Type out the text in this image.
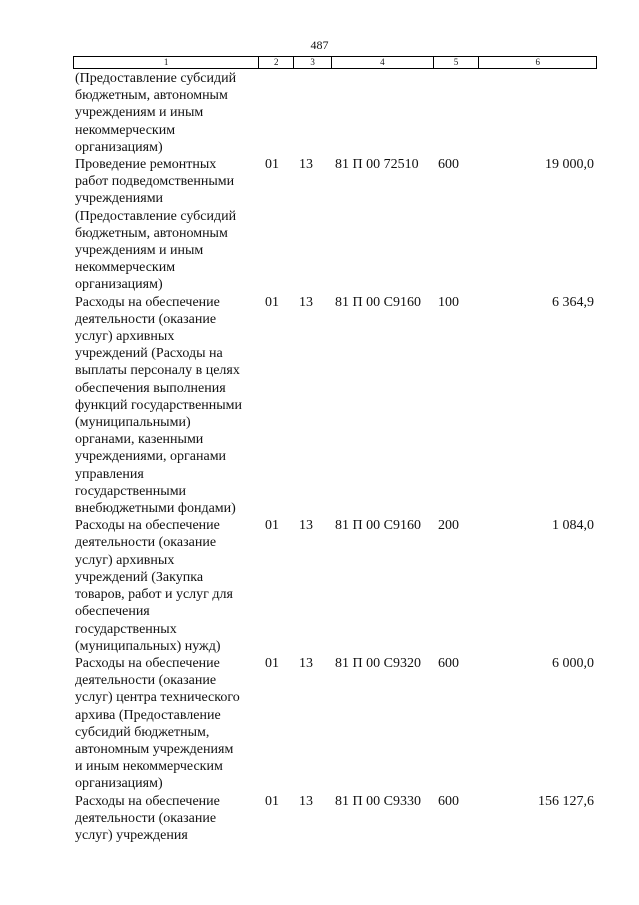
487
1	2	3	4	5	6
(Предоставление субсидий
бюджетным, автономным
учреждениям и иным
некоммерческим
организациям)
Проведение ремонтных
работ подведомственными
учреждениями
(Предоставление субсидий
бюджетным, автономным
учреждениям и иным
некоммерческим
организациям)
01	13	81 П 00 72510	600	19 000,0
Расходы на обеспечение
деятельности (оказание
услуг) архивных
учреждений (Расходы на
выплаты персоналу в целях
обеспечения выполнения
функций государственными
(муниципальными)
органами, казенными
учреждениями, органами
управления
государственными
внебюджетными фондами)
01	13	81 П 00 С9160	100	6 364,9
Расходы на обеспечение
деятельности (оказание
услуг) архивных
учреждений (Закупка
товаров, работ и услуг для
обеспечения
государственных
(муниципальных) нужд)
01	13	81 П 00 С9160	200	1 084,0
Расходы на обеспечение
деятельности (оказание
услуг) центра технического
архива (Предоставление
субсидий бюджетным,
автономным учреждениям
и иным некоммерческим
организациям)
01	13	81 П 00 С9320	600	6 000,0
Расходы на обеспечение
деятельности (оказание
услуг) учреждения
01	13	81 П 00 С9330	600	156 127,6
